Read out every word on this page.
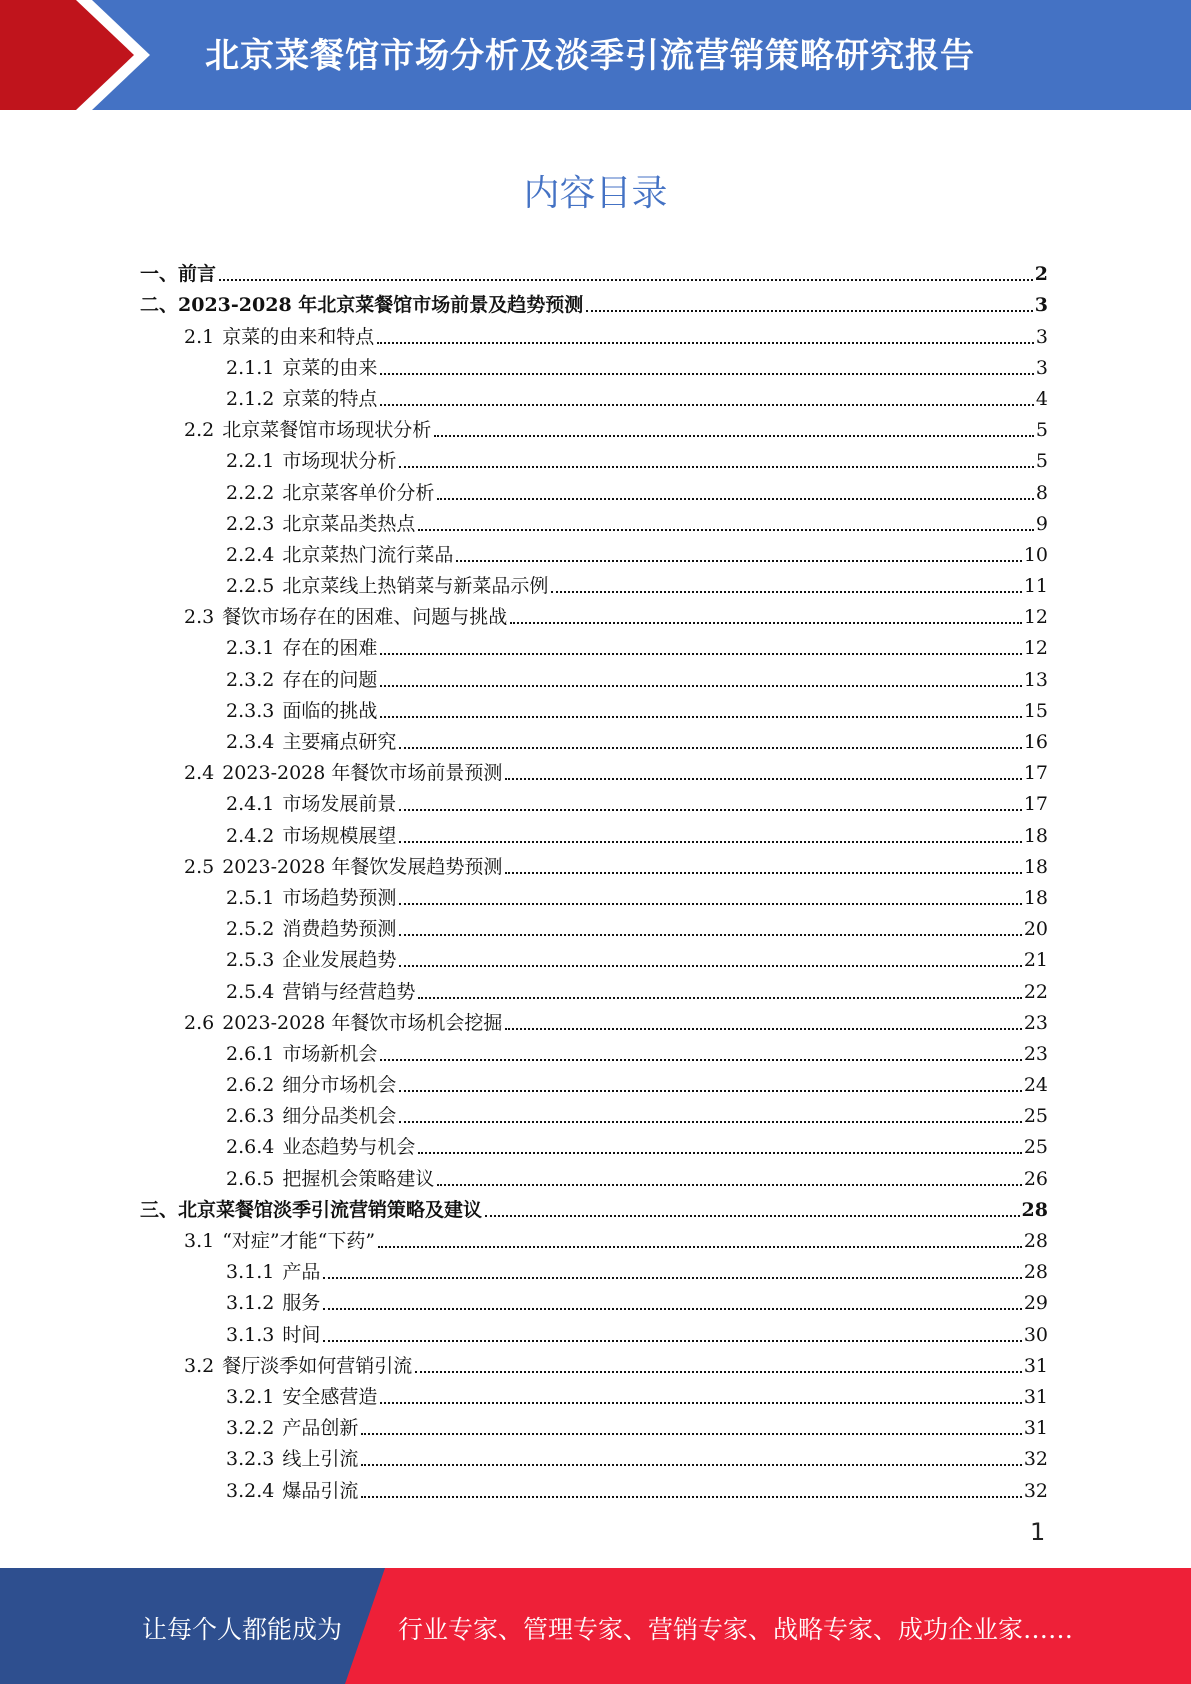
北京菜餐馆市场分析及淡季引流营销策略研究报告
内容目录
一、 前言	2
二、 2023-2028 年北京菜餐馆市场前景及趋势预测	3
2.1 京菜的由来和特点	3
2.1.1 京菜的由来	3
2.1.2 京菜的特点	4
2.2 北京菜餐馆市场现状分析	5
2.2.1 市场现状分析	5
2.2.2 北京菜客单价分析	8
2.2.3 北京菜品类热点	9
2.2.4 北京菜热门流行菜品	10
2.2.5 北京菜线上热销菜与新菜品示例	11
2.3 餐饮市场存在的困难、问题与挑战	12
2.3.1 存在的困难	12
2.3.2 存在的问题	13
2.3.3 面临的挑战	15
2.3.4 主要痛点研究	16
2.4 2023-2028 年餐饮市场前景预测	17
2.4.1 市场发展前景	17
2.4.2 市场规模展望	18
2.5 2023-2028 年餐饮发展趋势预测	18
2.5.1 市场趋势预测	18
2.5.2 消费趋势预测	20
2.5.3 企业发展趋势	21
2.5.4 营销与经营趋势	22
2.6 2023-2028 年餐饮市场机会挖掘	23
2.6.1 市场新机会	23
2.6.2 细分市场机会	24
2.6.3 细分品类机会	25
2.6.4 业态趋势与机会	25
2.6.5 把握机会策略建议	26
三、 北京菜餐馆淡季引流营销策略及建议	28
3.1 “对症”才能“下药”	28
3.1.1 产品	28
3.1.2 服务	29
3.1.3 时间	30
3.2 餐厅淡季如何营销引流	31
3.2.1 安全感营造	31
3.2.2 产品创新	31
3.2.3 线上引流	32
3.2.4 爆品引流	32
1
让每个人都能成为 行业专家、管理专家、营销专家、战略专家、成功企业家……
